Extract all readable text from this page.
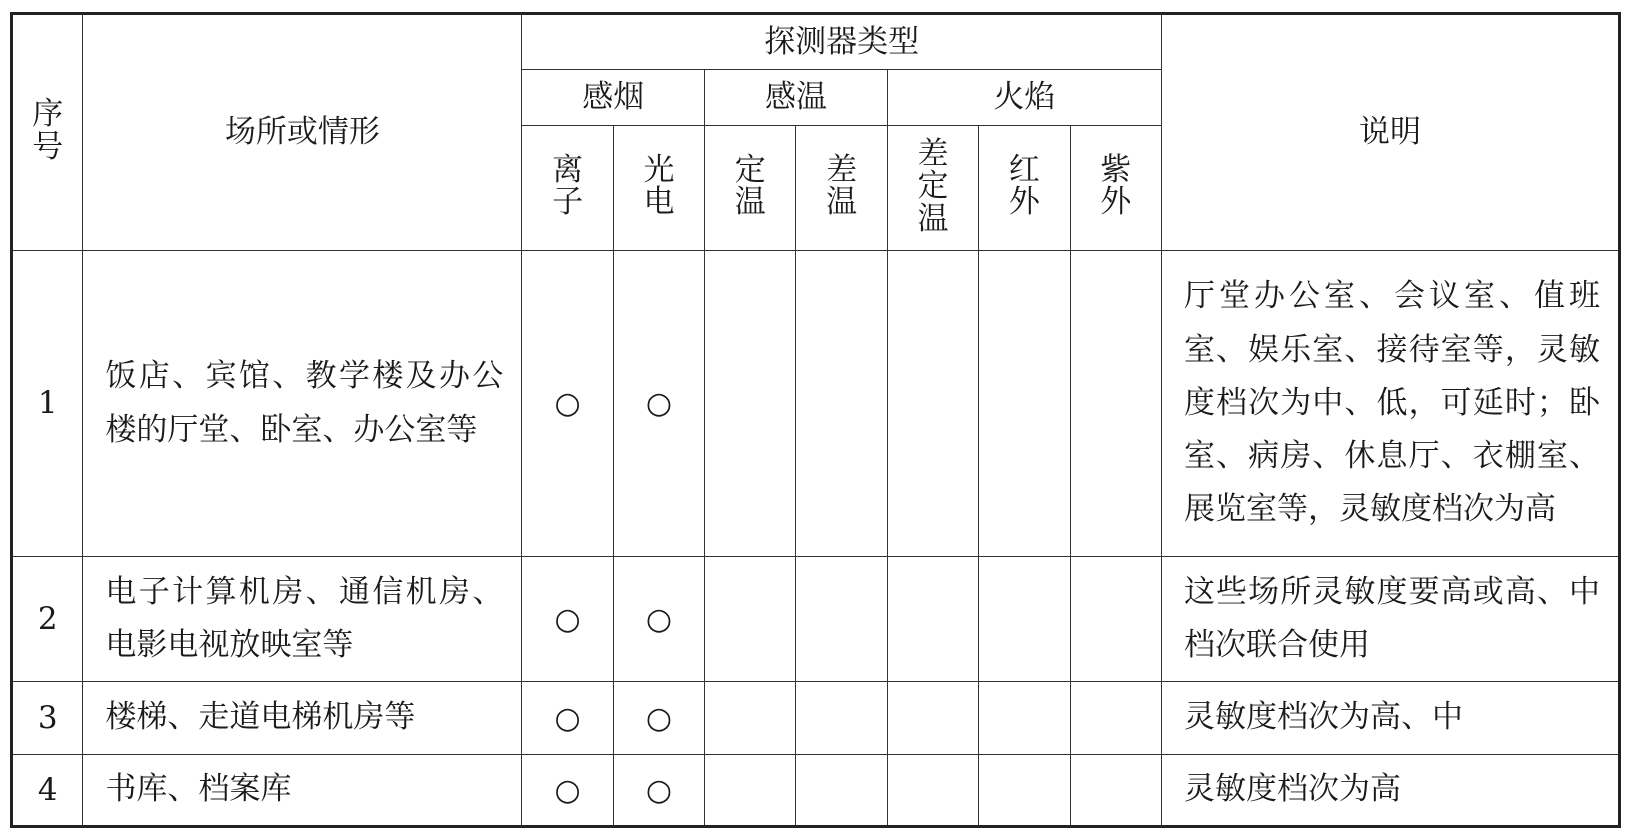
序号	场所或情形	探测器类型							说明
		感烟		感温		火焰			
		离子	光电	定温	差温	差定温	红外	紫外	
1	饭店、宾馆、教学楼及办公楼的厅堂、卧室、办公室等	○	○						厅堂办公室、会议室、值班室、娱乐室、接待室等，灵敏度档次为中、低，可延时；卧室、病房、休息厅、衣棚室、展览室等，灵敏度档次为高

2	电子计算机房、通信机房、电影电视放映室等	○	○						这些场所灵敏度要高或高、中档次联合使用

3	楼梯、走道电梯机房等	○	○						灵敏度档次为高、中

4	书库、档案库	○	○						灵敏度档次为高
